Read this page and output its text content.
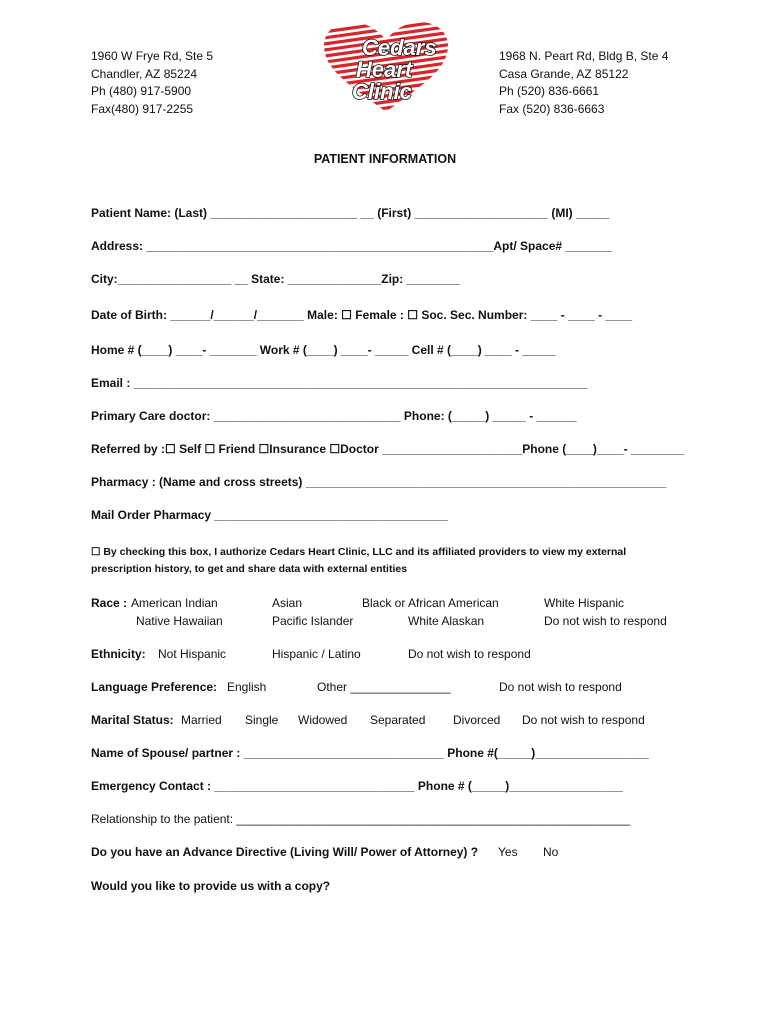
1960 W Frye Rd, Ste 5
Chandler, AZ 85224
Ph (480) 917-5900
Fax(480) 917-2255
Cedars
Heart
Clinic
1968 N. Peart Rd, Bldg B, Ste 4
Casa Grande, AZ 85122
Ph (520) 836-6661
Fax (520) 836-6663
PATIENT INFORMATION
Patient Name: (Last) ______________________ __ (First) ____________________ (MI) _____
Address: ____________________________________________________Apt/ Space# _______
City:_________________ __ State: ______________Zip: ________
Date of Birth: ______/______/_______ Male: ☐ Female : ☐ Soc. Sec. Number: ____ - ____ - ____
Home # (____) ____- _______ Work # (____) ____- _____ Cell # (____) ____ - _____
Email : ____________________________________________________________________
Primary Care doctor: ____________________________ Phone: (_____) _____ - ______
Referred by :☐ Self ☐ Friend ☐Insurance ☐Doctor _____________________Phone (____)____- ________
Pharmacy : (Name and cross streets) ______________________________________________________
Mail Order Pharmacy ___________________________________
☐ By checking this box, I authorize Cedars Heart Clinic, LLC and its affiliated providers to view my external prescription history, to get and share data with external entities
Race : American Indian	Asian	Black or African American	White Hispanic
Native Hawaiian	Pacific Islander	White Alaskan	Do not wish to respond
Ethnicity: Not Hispanic	Hispanic / Latino	Do not wish to respond
Language Preference: English	Other _______________	Do not wish to respond
Marital Status: Married Single Widowed Separated Divorced Do not wish to respond
Name of Spouse/ partner : ______________________________ Phone #(_____)_________________
Emergency Contact : ______________________________ Phone # (_____)_________________
Relationship to the patient: ___________________________________________________________
Do you have an Advance Directive (Living Will/ Power of Attorney) ? Yes No
Would you like to provide us with a copy?
